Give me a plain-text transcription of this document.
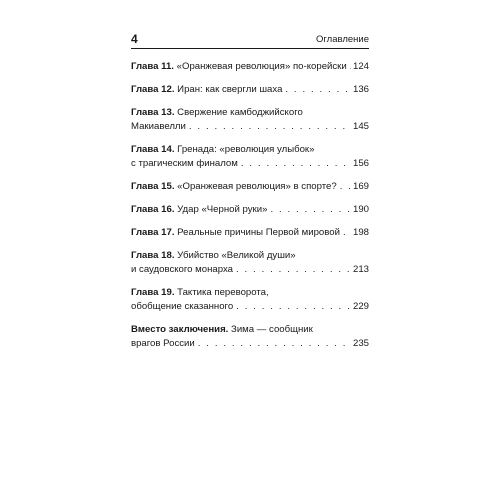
4	Оглавление
Глава 11. «Оранжевая революция» по-корейски . . . 124
Глава 12. Иран: как свергли шаха . . .	136
Глава 13. Свержение камбоджийского
Макиавелли . . .	145
Глава 14. Гренада: «революция улыбок»
с трагическим финалом . . .	156
Глава 15. «Оранжевая революция» в спорте? . . . 169
Глава 16. Удар «Черной руки» . . .	190
Глава 17. Реальные причины Первой мировой . . . 198
Глава 18. Убийство «Великой души»
и саудовского монарха . . .	213
Глава 19. Тактика переворота,
обобщение сказанного . . .	229
Вместо заключения. Зима — сообщник
врагов России . . .	235
